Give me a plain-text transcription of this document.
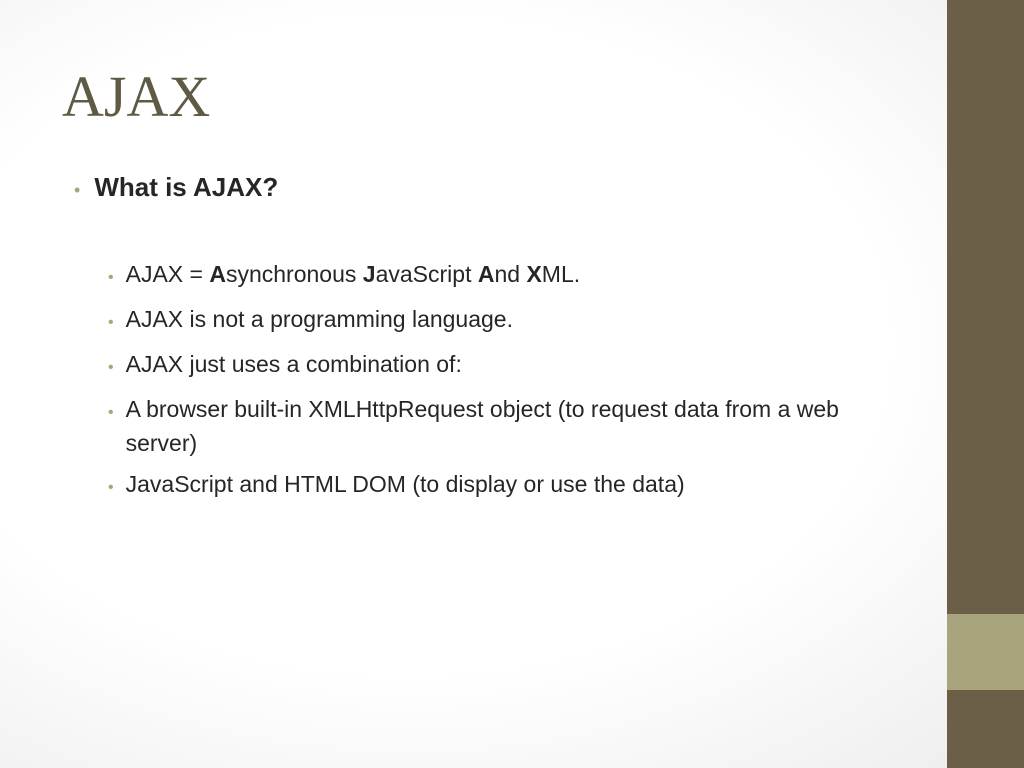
AJAX
• What is AJAX?
• AJAX = Asynchronous JavaScript And XML.
• AJAX is not a programming language.
• AJAX just uses a combination of:
• A browser built-in XMLHttpRequest object (to request data from a web server)
• JavaScript and HTML DOM (to display or use the data)
